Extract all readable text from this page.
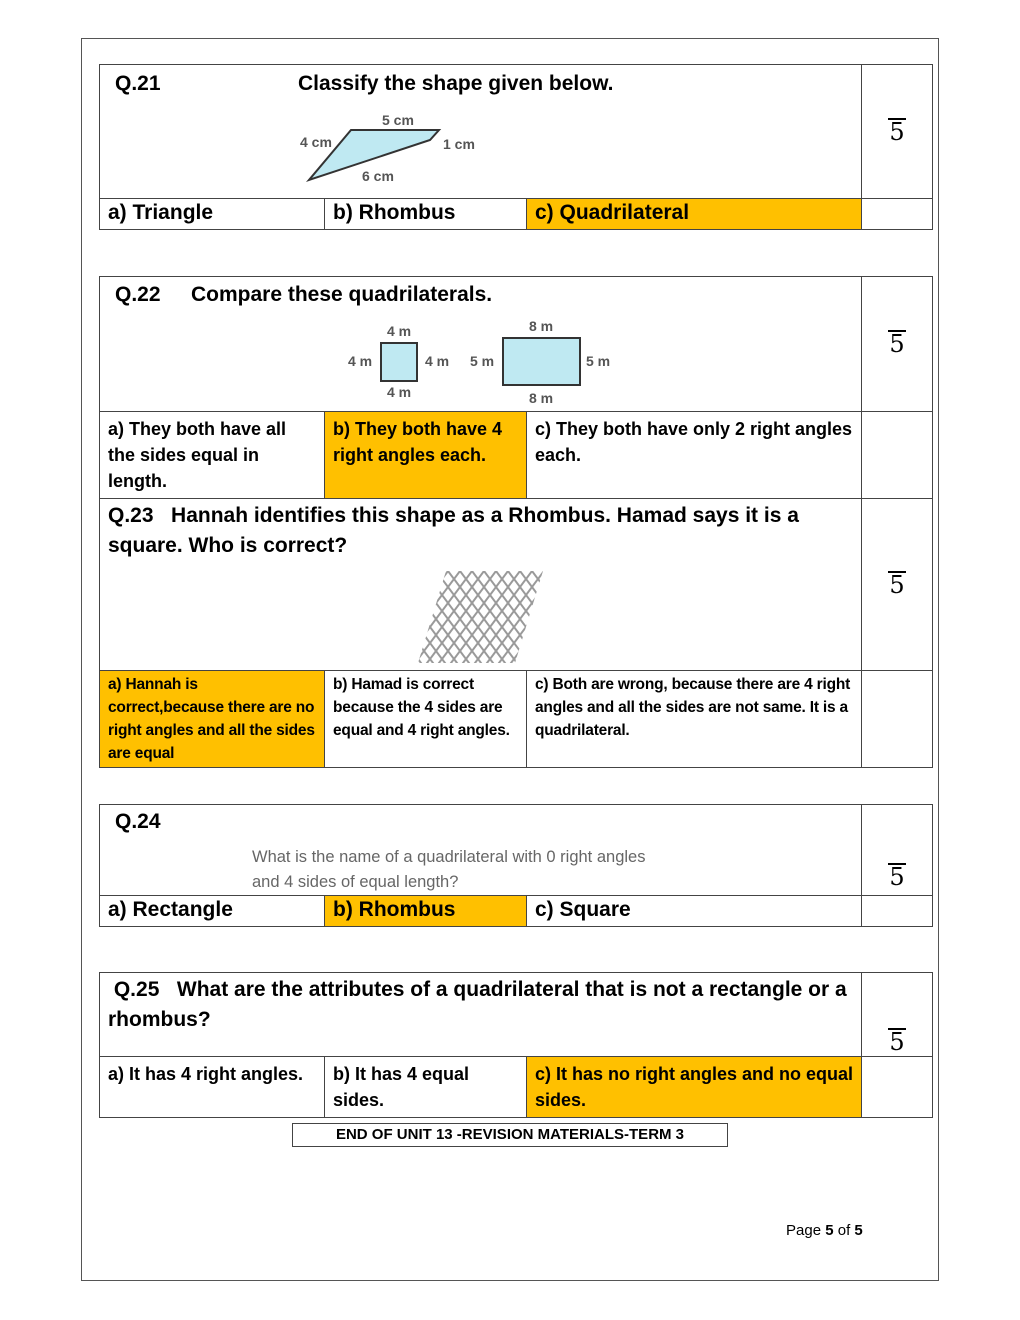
Q.21	Classify the shape given below.
5 cm
4 cm	1 cm
6 cm
	5
a) Triangle	b) Rhombus	c) Quadrilateral	
Q.22 Compare these quadrilaterals.
4 m
4 m	4 m
4 m
8 m
5 m	5 m
8 m
	5
a) They both have all the sides equal in length.	b) They both have 4 right angles each.	c) They both have only 2 right angles each.	

Q.23 Hannah identifies this shape as a Rhombus. Hamad says it is a square. Who is correct?			5
a) Hannah is correct,because there are no right angles and all the sides are equal	b) Hamad is correct because the 4 sides are equal and 4 right angles.	c) Both are wrong, because there are 4 right angles and all the sides are not same. It is a quadrilateral.	
Q.24
What is the name of a quadrilateral with 0 right angles
and 4 sides of equal length?			5
a) Rectangle	b) Rhombus	c) Square	
Q.25 What are the attributes of a quadrilateral that is not a rectangle or a rhombus?			5
a) It has 4 right angles.	b) It has 4 equal sides.	c) It has no right angles and no equal sides.	
END OF UNIT 13 -REVISION MATERIALS-TERM 3
Page 5 of 5
